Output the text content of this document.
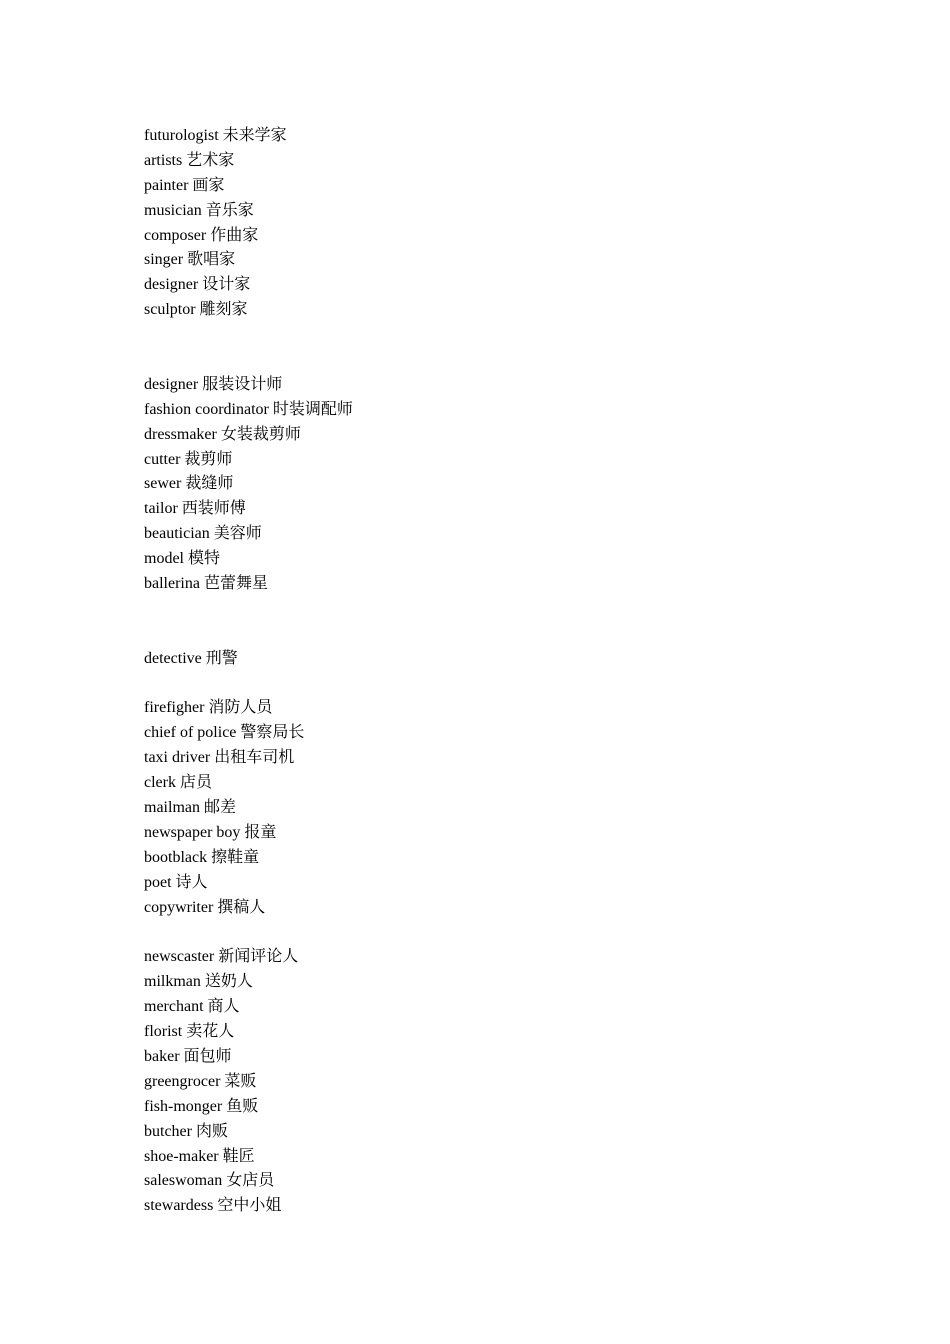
futurologist 未来学家
artists 艺术家
painter 画家
musician 音乐家
composer 作曲家
singer 歌唱家
designer 设计家
sculptor 雕刻家
designer 服装设计师
fashion coordinator 时装调配师
dressmaker 女装裁剪师
cutter 裁剪师
sewer 裁缝师
tailor 西装师傅
beautician 美容师
model 模特
ballerina 芭蕾舞星
detective 刑警
firefigher 消防人员
chief of police 警察局长
taxi driver 出租车司机
clerk 店员
mailman 邮差
newspaper boy 报童
bootblack 擦鞋童
poet 诗人
copywriter 撰稿人
newscaster 新闻评论人
milkman 送奶人
merchant 商人
florist 卖花人
baker 面包师
greengrocer 菜贩
fish-monger 鱼贩
butcher 肉贩
shoe-maker 鞋匠
saleswoman 女店员
stewardess 空中小姐
